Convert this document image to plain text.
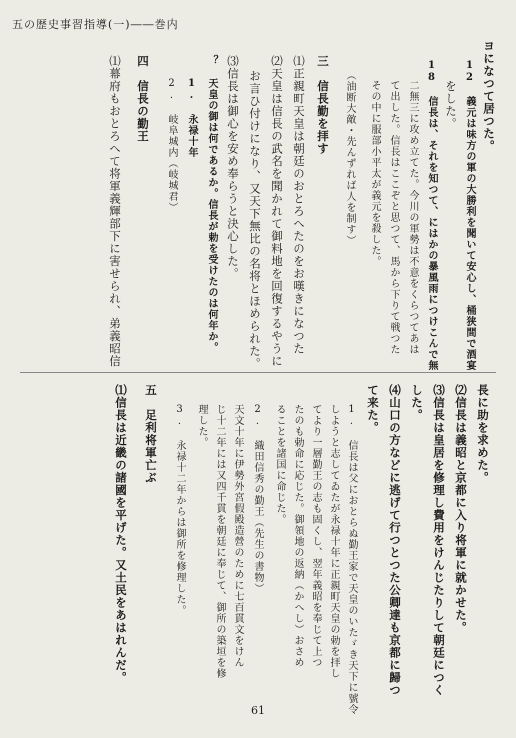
五の歴史事習指導(一)――巻内
ヨになつて居つた。
12 義元は味方の軍の大勝利を聞いて安心し、桶狭間で酒宴
をした。
18 信長は、それを知つて、にはかの暴風雨につけこんで無
二無三に攻め立てた。今川の軍勢は不意をくらつてあは
て出した。信長はここぞと思つて、馬から下りて戦つた
その中に服部小平太が義元を殺した。
（油断大敵・先んずれば人を制す）
三　信長勤を拝す
⑴正親町天皇は朝廷のおとろへたのをお嘆きになつた
⑵天皇は信長の武名を聞かれて御料地を回復するやうに
お言ひ付けになり、又天下無比の名将とほめられた。
⑶信長は御心を安め奉らうと決心した。
？ 天皇の御は何であるか。信長が勅を受けたのは何年か。
1. 永禄十年
2. 岐阜城内（岐城君）
四　信長の勤王
⑴幕府もおとろへて将軍義輝部下に害せられ、弟義昭信
長に助を求めた。
⑵信長は義昭と京都に入り将軍に就かせた。
⑶信長は皇居を修理し費用をけんじたりして朝廷につく
した。
⑷山口の方などに逃げて行つとつた公卿達も京都に歸つ
て来た。
1. 信長は父におとらぬ勤王家で天皇のいたゞき天下に號令
しようと志してゐたが永禄十年に正親町天皇の勅を拝し
てより一層勤王の志も固くし、翌年義昭を奉じて上つ
たのも勅命に応じた。御領地の返納（かへし）おさめ
ることを諸国に命じた。
2. 織田信秀の勤王（先生の書物）
天文十年に伊勢外宮假殿造營のために七百貫文をけん
じ十二年には又四千貫を朝廷に奉じて、御所の築垣を修
理した。
3. 永禄十二年からは御所を修理した。
五　足利将軍亡ぶ
⑴信長は近畿の諸國を平げた。又土民をあはれんだ。
61
